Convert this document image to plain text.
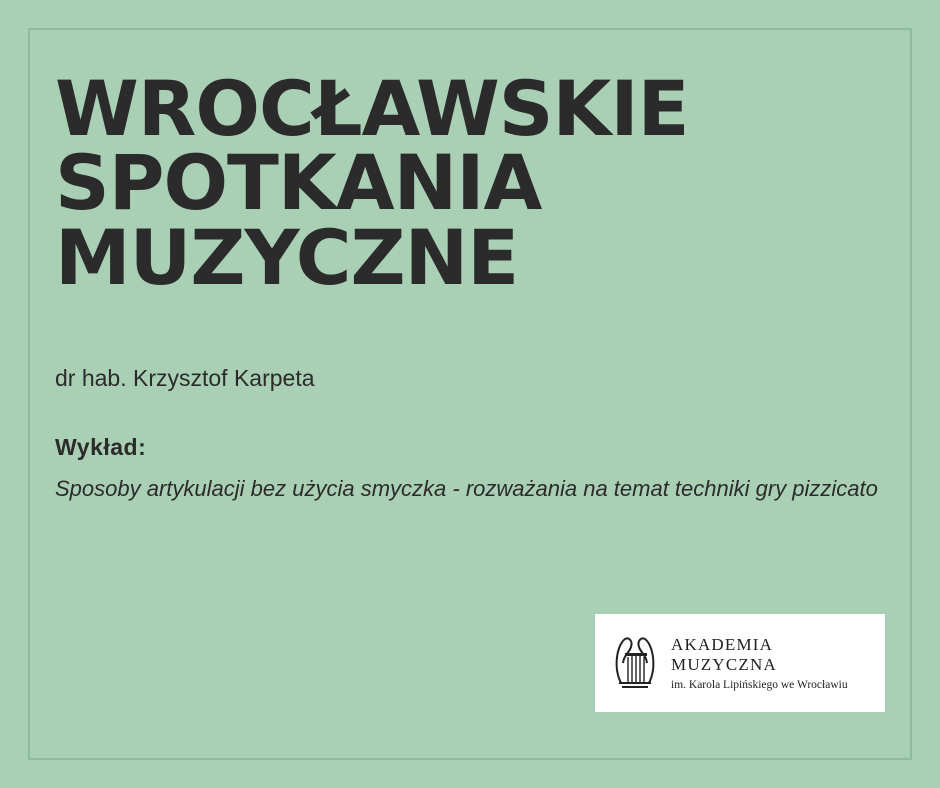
WROCŁAWSKIE
SPOTKANIA
MUZYCZNE
dr hab. Krzysztof Karpeta
Wykład:
Sposoby artykulacji bez użycia smyczka - rozważania na temat techniki gry pizzicato
AKADEMIA MUZYCZNA
im. Karola Lipińskiego we Wrocławiu
